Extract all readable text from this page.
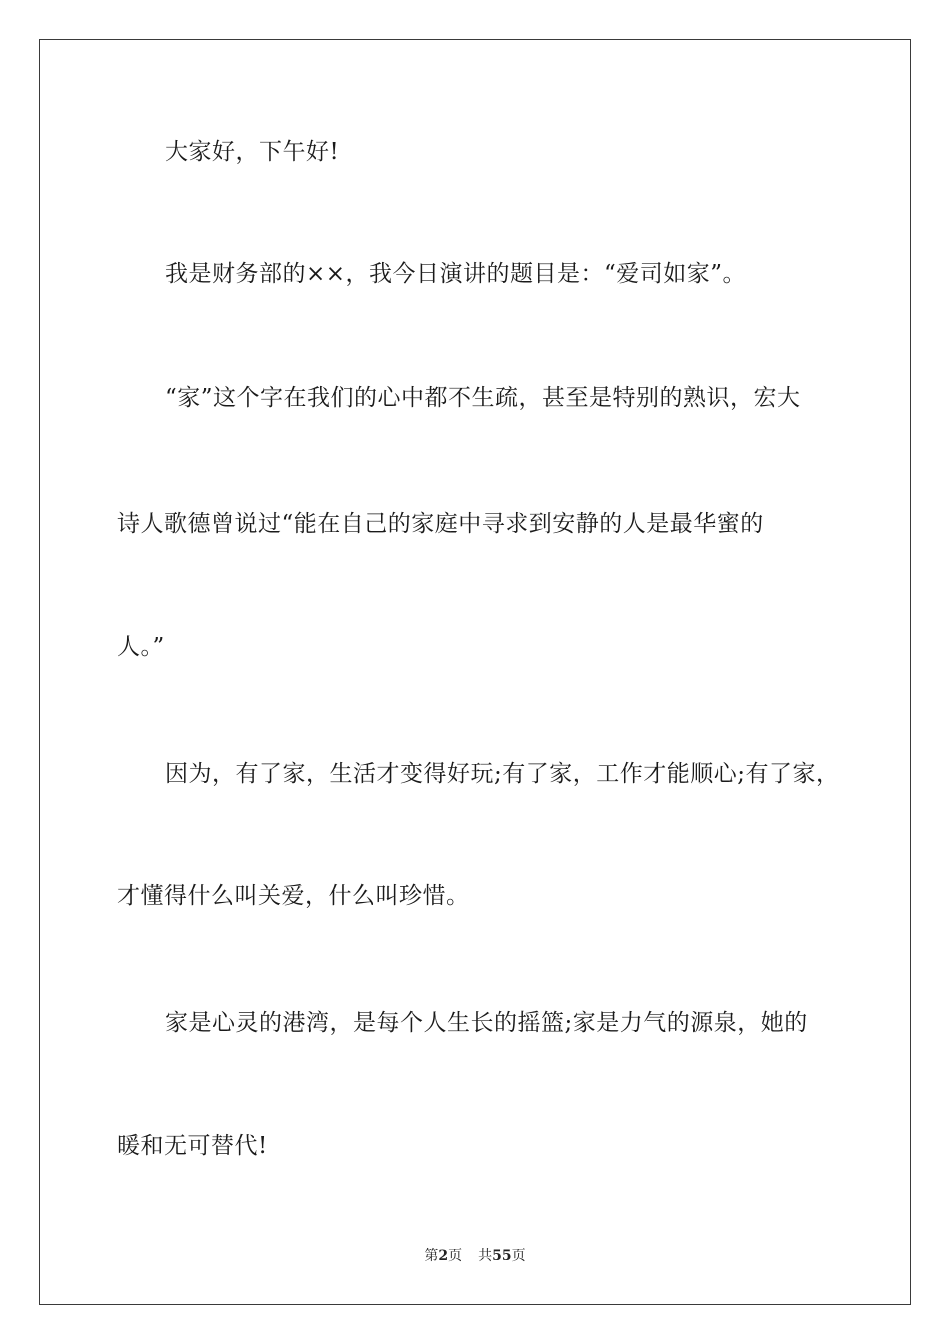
大家好，下午好!
我是财务部的××，我今日演讲的题目是：“爱司如家”。
“家”这个字在我们的心中都不生疏，甚至是特别的熟识，宏大
诗人歌德曾说过“能在自己的家庭中寻求到安静的人是最华蜜的
人。”
因为，有了家，生活才变得好玩;有了家，工作才能顺心;有了家，
才懂得什么叫关爱，什么叫珍惜。
家是心灵的港湾，是每个人生长的摇篮;家是力气的源泉，她的
暖和无可替代!
第2页 共55页
